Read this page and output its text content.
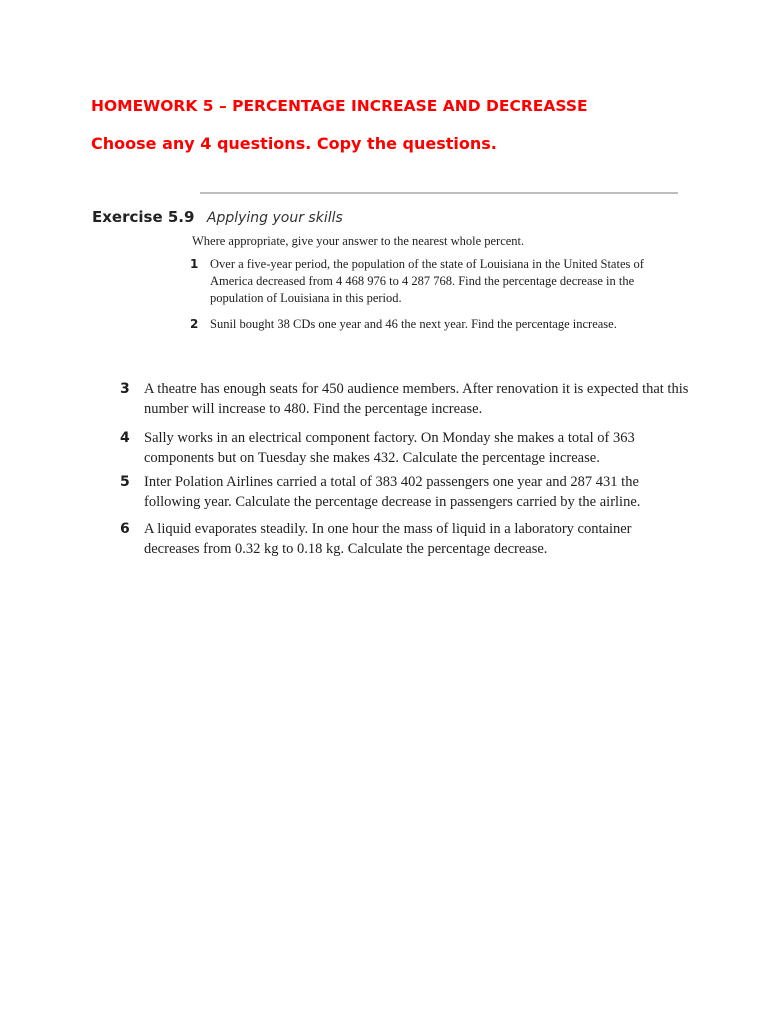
HOMEWORK 5 – PERCENTAGE INCREASE AND DECREASSE
Choose any 4 questions. Copy the questions.
Exercise 5.9 Applying your skills
Where appropriate, give your answer to the nearest whole percent.
1 Over a five-year period, the population of the state of Louisiana in the United States of America decreased from 4 468 976 to 4 287 768. Find the percentage decrease in the population of Louisiana in this period.
2 Sunil bought 38 CDs one year and 46 the next year. Find the percentage increase.
3 A theatre has enough seats for 450 audience members. After renovation it is expected that this number will increase to 480. Find the percentage increase.
4 Sally works in an electrical component factory. On Monday she makes a total of 363 components but on Tuesday she makes 432. Calculate the percentage increase.
5 Inter Polation Airlines carried a total of 383 402 passengers one year and 287 431 the following year. Calculate the percentage decrease in passengers carried by the airline.
6 A liquid evaporates steadily. In one hour the mass of liquid in a laboratory container decreases from 0.32 kg to 0.18 kg. Calculate the percentage decrease.
